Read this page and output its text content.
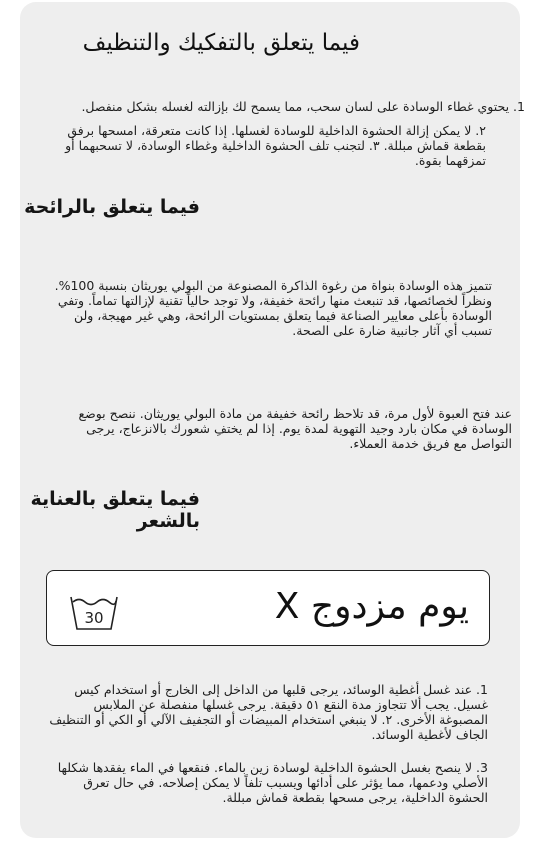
فيما يتعلق بالتفكيك والتنظيف

1. يحتوي غطاء الوسادة على لسان سحب، مما يسمح لك بإزالته لغسله بشكل منفصل.

٢. لا يمكن إزالة الحشوة الداخلية للوسادة لغسلها. إذا كانت متعرقة، امسحها برفق بقطعة قماش مبللة. ٣. لتجنب تلف الحشوة الداخلية وغطاء الوسادة، لا تسحبهما أو تمزقهما بقوة.

فيما يتعلق بالرائحة

تتميز هذه الوسادة بنواة من رغوة الذاكرة المصنوعة من البولي يوريثان بنسبة 100%. ونظراً لخصائصها، قد تنبعث منها رائحة خفيفة، ولا توجد حالياً تقنية لإزالتها تماماً. وتفي الوسادة بأعلى معايير الصناعة فيما يتعلق بمستويات الرائحة، وهي غير مهيجة، ولن تسبب أي آثار جانبية ضارة على الصحة.

عند فتح العبوة لأول مرة، قد تلاحظ رائحة خفيفة من مادة البولي يوريثان. ننصح بوضع الوسادة في مكان بارد وجيد التهوية لمدة يوم. إذا لم يختفِ شعورك بالانزعاج، يرجى التواصل مع فريق خدمة العملاء.

فيما يتعلق بالعناية بالشعر
30	يوم مزدوج X

1. عند غسل أغطية الوسائد، يرجى قلبها من الداخل إلى الخارج أو استخدام كيس غسيل. يجب ألا تتجاوز مدة النقع ٥١ دقيقة. يرجى غسلها منفصلة عن الملابس المصبوغة الأخرى. ٢. لا ينبغي استخدام المبيضات أو التجفيف الآلي أو الكي أو التنظيف الجاف لأغطية الوسائد.

3. لا ينصح بغسل الحشوة الداخلية لوسادة زين بالماء. فنقعها في الماء يفقدها شكلها الأصلي ودعمها، مما يؤثر على أدائها ويسبب تلفاً لا يمكن إصلاحه. في حال تعرق الحشوة الداخلية، يرجى مسحها بقطعة قماش مبللة.
